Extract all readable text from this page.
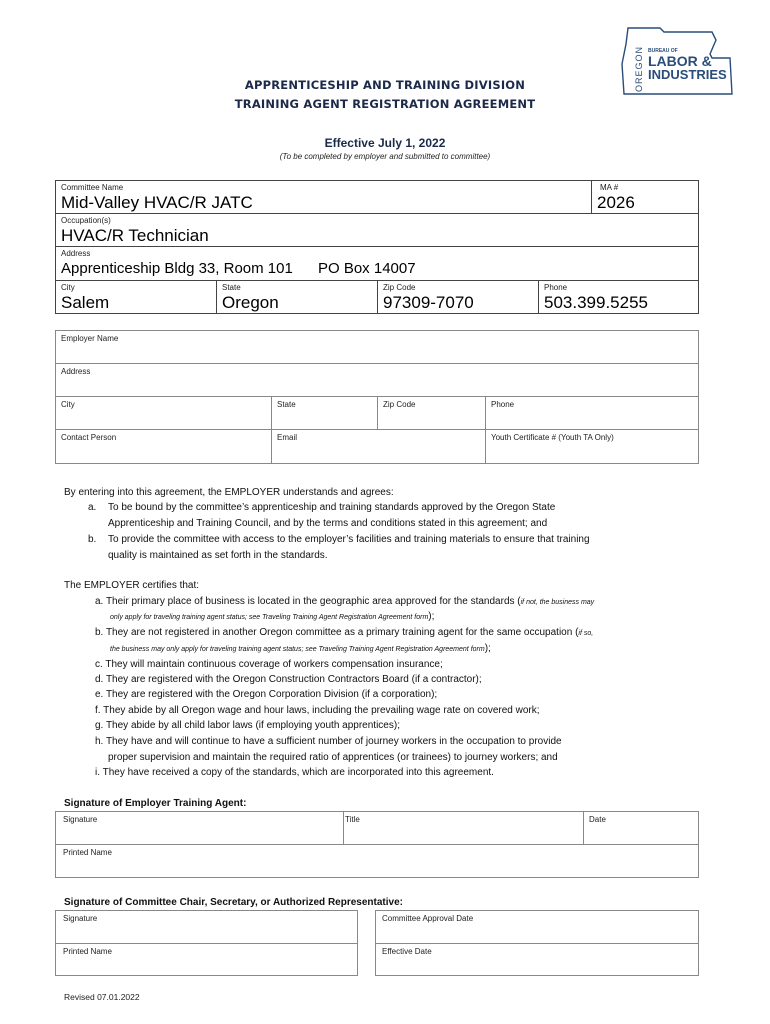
OREGON BUREAU OF
LABOR &
INDUSTRIES
APPRENTICESHIP AND TRAINING DIVISION
TRAINING AGENT REGISTRATION AGREEMENT
Effective July 1, 2022
(To be completed by employer and submitted to committee)
Committee Name
Mid-Valley HVAC/R JATC
MA #
2026
Occupation(s)
HVAC/R Technician
Address
Apprenticeship Bldg 33, Room 101 PO Box 14007
City
Salem
State
Oregon
Zip Code
97309-7070
Phone
503.399.5255
Employer Name
Address
City	State	Zip Code	Phone
Contact Person	Email	Youth Certificate # (Youth TA Only)
By entering into this agreement, the EMPLOYER understands and agrees:
a. To be bound by the committee’s apprenticeship and training standards approved by the Oregon State
Apprenticeship and Training Council, and by the terms and conditions stated in this agreement; and
b. To provide the committee with access to the employer’s facilities and training materials to ensure that training
quality is maintained as set forth in the standards.
The EMPLOYER certifies that:
a. Their primary place of business is located in the geographic area approved for the standards (if not, the business may
only apply for traveling training agent status; see Traveling Training Agent Registration Agreement form);
b. They are not registered in another Oregon committee as a primary training agent for the same occupation (if so,
the business may only apply for traveling training agent status; see Traveling Training Agent Registration Agreement form);
c. They will maintain continuous coverage of workers compensation insurance;
d. They are registered with the Oregon Construction Contractors Board (if a contractor);
e. They are registered with the Oregon Corporation Division (if a corporation);
f. They abide by all Oregon wage and hour laws, including the prevailing wage rate on covered work;
g. They abide by all child labor laws (if employing youth apprentices);
h. They have and will continue to have a sufficient number of journey workers in the occupation to provide
proper supervision and maintain the required ratio of apprentices (or trainees) to journey workers; and
i. They have received a copy of the standards, which are incorporated into this agreement.
Signature of Employer Training Agent:
Signature	Title	Date
Printed Name
Signature of Committee Chair, Secretary, or Authorized Representative:
Signature
Printed Name
Committee Approval Date
Effective Date
Revised 07.01.2022
